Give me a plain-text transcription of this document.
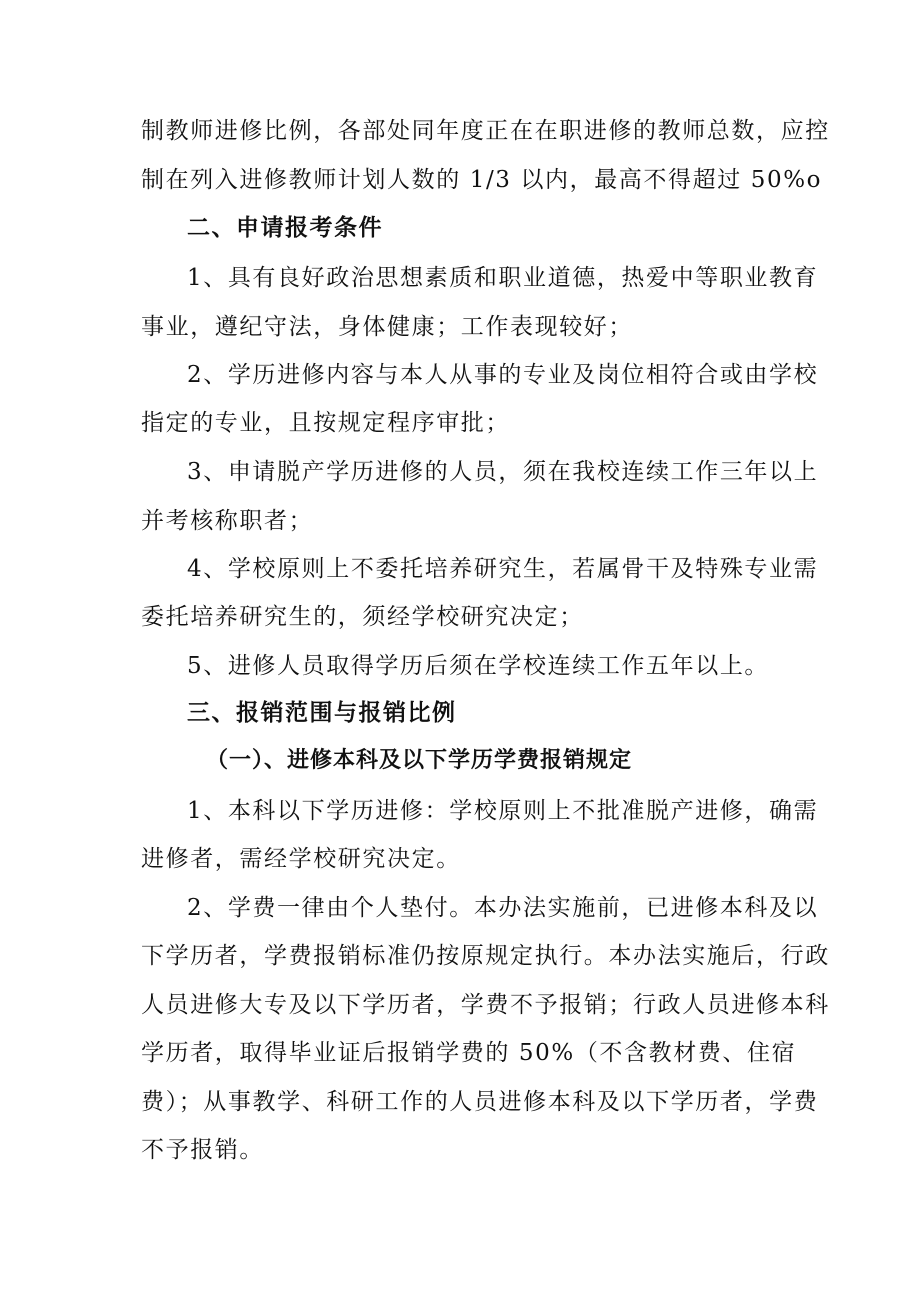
制教师进修比例，各部处同年度正在在职进修的教师总数，应控
制在列入进修教师计划人数的 1/3 以内，最高不得超过 50%o
二、申请报考条件
1、具有良好政治思想素质和职业道德，热爱中等职业教育
事业，遵纪守法，身体健康；工作表现较好；
2、学历进修内容与本人从事的专业及岗位相符合或由学校
指定的专业，且按规定程序审批；
3、申请脱产学历进修的人员，须在我校连续工作三年以上
并考核称职者；
4、学校原则上不委托培养研究生，若属骨干及特殊专业需
委托培养研究生的，须经学校研究决定；
5、进修人员取得学历后须在学校连续工作五年以上。
三、报销范围与报销比例
（一）、进修本科及以下学历学费报销规定
1、本科以下学历进修：学校原则上不批准脱产进修，确需
进修者，需经学校研究决定。
2、学费一律由个人垫付。本办法实施前，已进修本科及以
下学历者，学费报销标准仍按原规定执行。本办法实施后，行政
人员进修大专及以下学历者，学费不予报销；行政人员进修本科
学历者，取得毕业证后报销学费的 50%（不含教材费、住宿
费）；从事教学、科研工作的人员进修本科及以下学历者，学费
不予报销。
